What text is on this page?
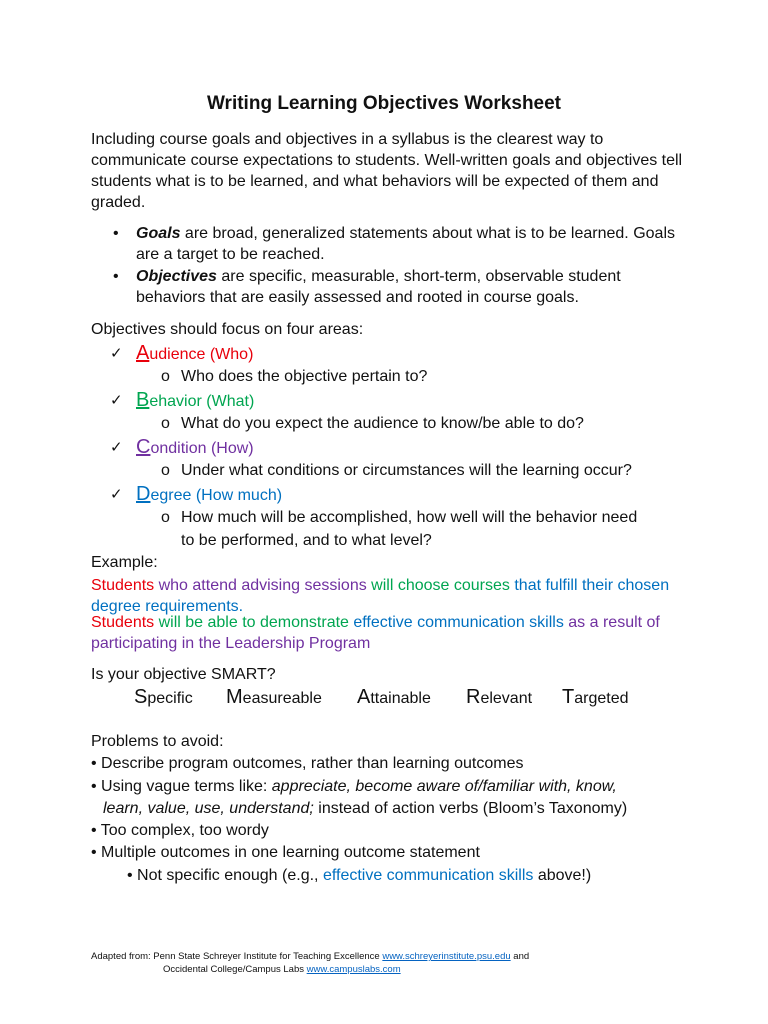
Writing Learning Objectives Worksheet
Including course goals and objectives in a syllabus is the clearest way to communicate course expectations to students. Well-written goals and objectives tell students what is to be learned, and what behaviors will be expected of them and graded.
• Goals are broad, generalized statements about what is to be learned. Goals are a target to be reached.
• Objectives are specific, measurable, short-term, observable student behaviors that are easily assessed and rooted in course goals.
Objectives should focus on four areas:
✓ Audience (Who)
o Who does the objective pertain to?
✓ Behavior (What)
o What do you expect the audience to know/be able to do?
✓ Condition (How)
o Under what conditions or circumstances will the learning occur?
✓ Degree (How much)
o How much will be accomplished, how well will the behavior need to be performed, and to what level?
Example:
Students who attend advising sessions will choose courses that fulfill their chosen degree requirements.
Students will be able to demonstrate effective communication skills as a result of participating in the Leadership Program
Is your objective SMART?
Specific Measureable Attainable Relevant Targeted
Problems to avoid:
• Describe program outcomes, rather than learning outcomes
• Using vague terms like: appreciate, become aware of/familiar with, know,
learn, value, use, understand; instead of action verbs (Bloom’s Taxonomy)
• Too complex, too wordy
• Multiple outcomes in one learning outcome statement
• Not specific enough (e.g., effective communication skills above!)
Adapted from: Penn State Schreyer Institute for Teaching Excellence www.schreyerinstitute.psu.edu and
Occidental College/Campus Labs www.campuslabs.com
